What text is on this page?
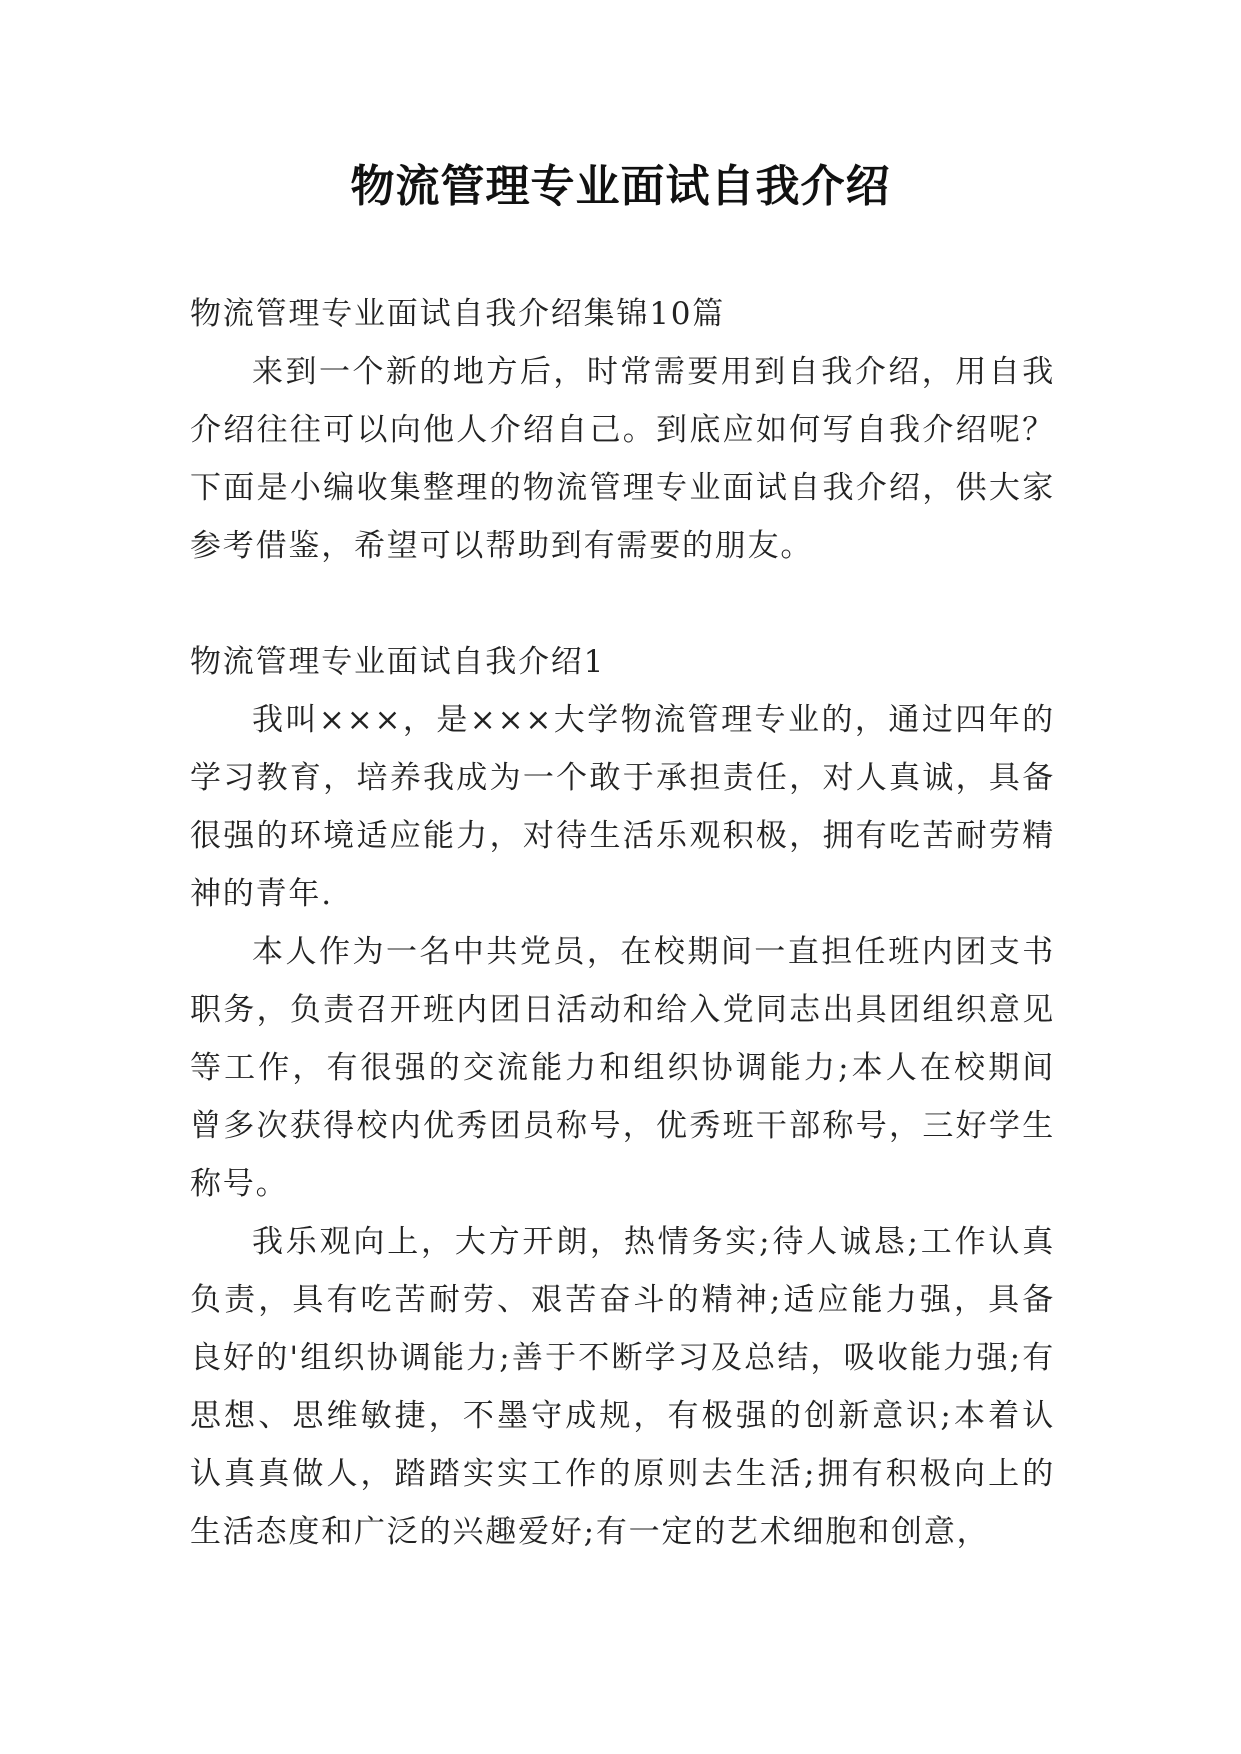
物流管理专业面试自我介绍

物流管理专业面试自我介绍集锦10篇

来到一个新的地方后，时常需要用到自我介绍，用自我介绍往往可以向他人介绍自己。到底应如何写自我介绍呢？下面是小编收集整理的物流管理专业面试自我介绍，供大家参考借鉴，希望可以帮助到有需要的朋友。

物流管理专业面试自我介绍1

我叫×××，是×××大学物流管理专业的，通过四年的学习教育，培养我成为一个敢于承担责任，对人真诚，具备很强的环境适应能力，对待生活乐观积极，拥有吃苦耐劳精神的青年.

本人作为一名中共党员，在校期间一直担任班内团支书职务，负责召开班内团日活动和给入党同志出具团组织意见等工作，有很强的交流能力和组织协调能力;本人在校期间曾多次获得校内优秀团员称号，优秀班干部称号，三好学生称号。

我乐观向上，大方开朗，热情务实;待人诚恳;工作认真负责，具有吃苦耐劳、艰苦奋斗的精神;适应能力强，具备良好的'组织协调能力;善于不断学习及总结，吸收能力强;有思想、思维敏捷，不墨守成规，有极强的创新意识;本着认认真真做人，踏踏实实工作的原则去生活;拥有积极向上的生活态度和广泛的兴趣爱好;有一定的艺术细胞和创意，
